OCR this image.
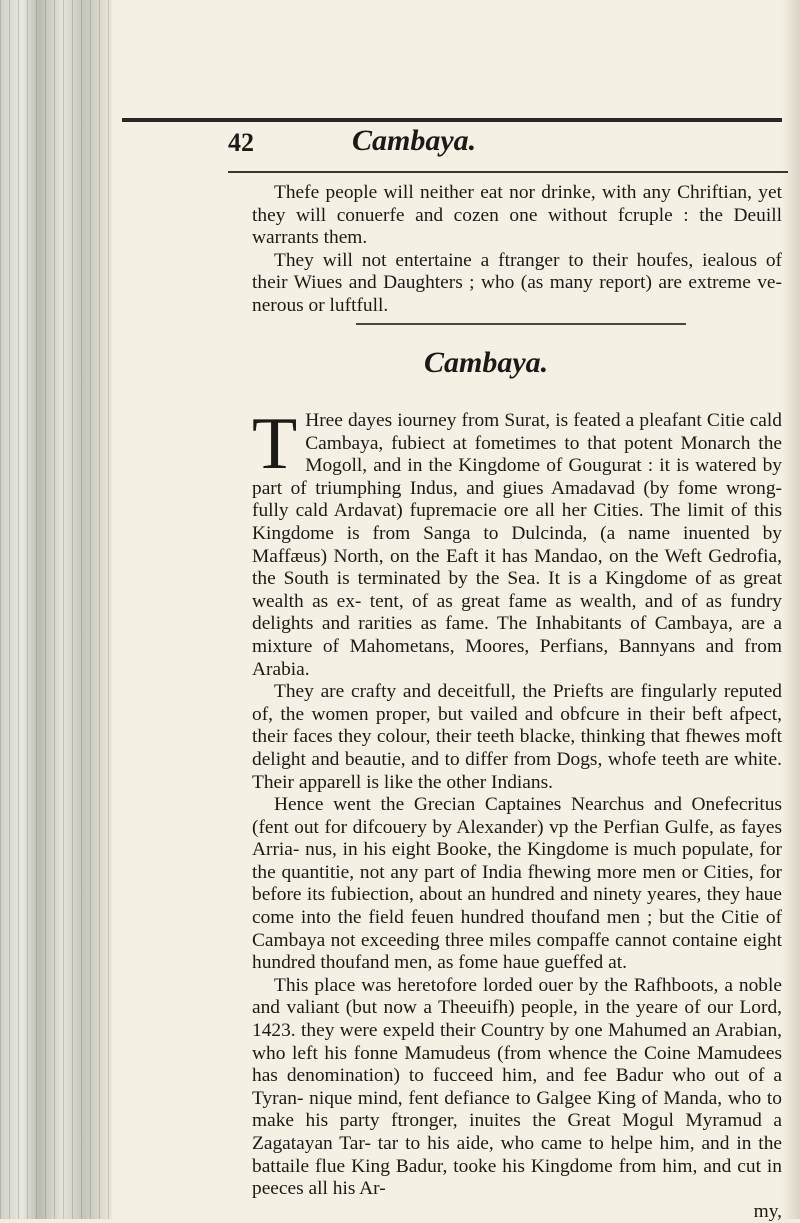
42	Cambaya.

Thefe people will neither eat nor drinke, with any Chriftian, yet they will conuerfe and cozen one without fcruple : the Deuill warrants them.

They will not entertaine a ftranger to their houfes, iealous of their Wiues and Daughters ; who (as many report) are extreme ve- nerous or luftfull.

Cambaya.

T Hree dayes iourney from Surat, is feated a pleafant Citie cald Cambaya, fubiect at fometimes to that potent Monarch the Mogoll, and in the Kingdome of Gougurat : it is watered by part of triumphing Indus, and giues Amadavad (by fome wrong- fully cald Ardavat) fupremacie ore all her Cities. The limit of this Kingdome is from Sanga to Dulcinda, (a name inuented by Maffæus) North, on the Eaft it has Mandao, on the Weft Gedrofia, the South is terminated by the Sea. It is a Kingdome of as great wealth as ex- tent, of as great fame as wealth, and of as fundry delights and rarities as fame. The Inhabitants of Cambaya, are a mixture of Mahometans, Moores, Perfians, Bannyans and from Arabia.

They are crafty and deceitfull, the Priefts are fingularly reputed of, the women proper, but vailed and obfcure in their beft afpect, their faces they colour, their teeth blacke, thinking that fhewes moft delight and beautie, and to differ from Dogs, whofe teeth are white. Their apparell is like the other Indians.

Hence went the Grecian Captaines Nearchus and Onefecritus (fent out for difcouery by Alexander) vp the Perfian Gulfe, as fayes Arria- nus, in his eight Booke, the Kingdome is much populate, for the quantitie, not any part of India fhewing more men or Cities, for before its fubiection, about an hundred and ninety yeares, they haue come into the field feuen hundred thoufand men ; but the Citie of Cambaya not exceeding three miles compaffe cannot containe eight hundred thoufand men, as fome haue gueffed at.

This place was heretofore lorded ouer by the Rafhboots, a noble and valiant (but now a Theeuifh) people, in the yeare of our Lord, 1423. they were expeld their Country by one Mahumed an Arabian, who left his fonne Mamudeus (from whence the Coine Mamudees has denomination) to fucceed him, and fee Badur who out of a Tyran- nique mind, fent defiance to Galgee King of Manda, who to make his party ftronger, inuites the Great Mogul Myramud a Zagatayan Tar- tar to his aide, who came to helpe him, and in the battaile flue King Badur, tooke his Kingdome from him, and cut in peeces all his Ar-

my,
